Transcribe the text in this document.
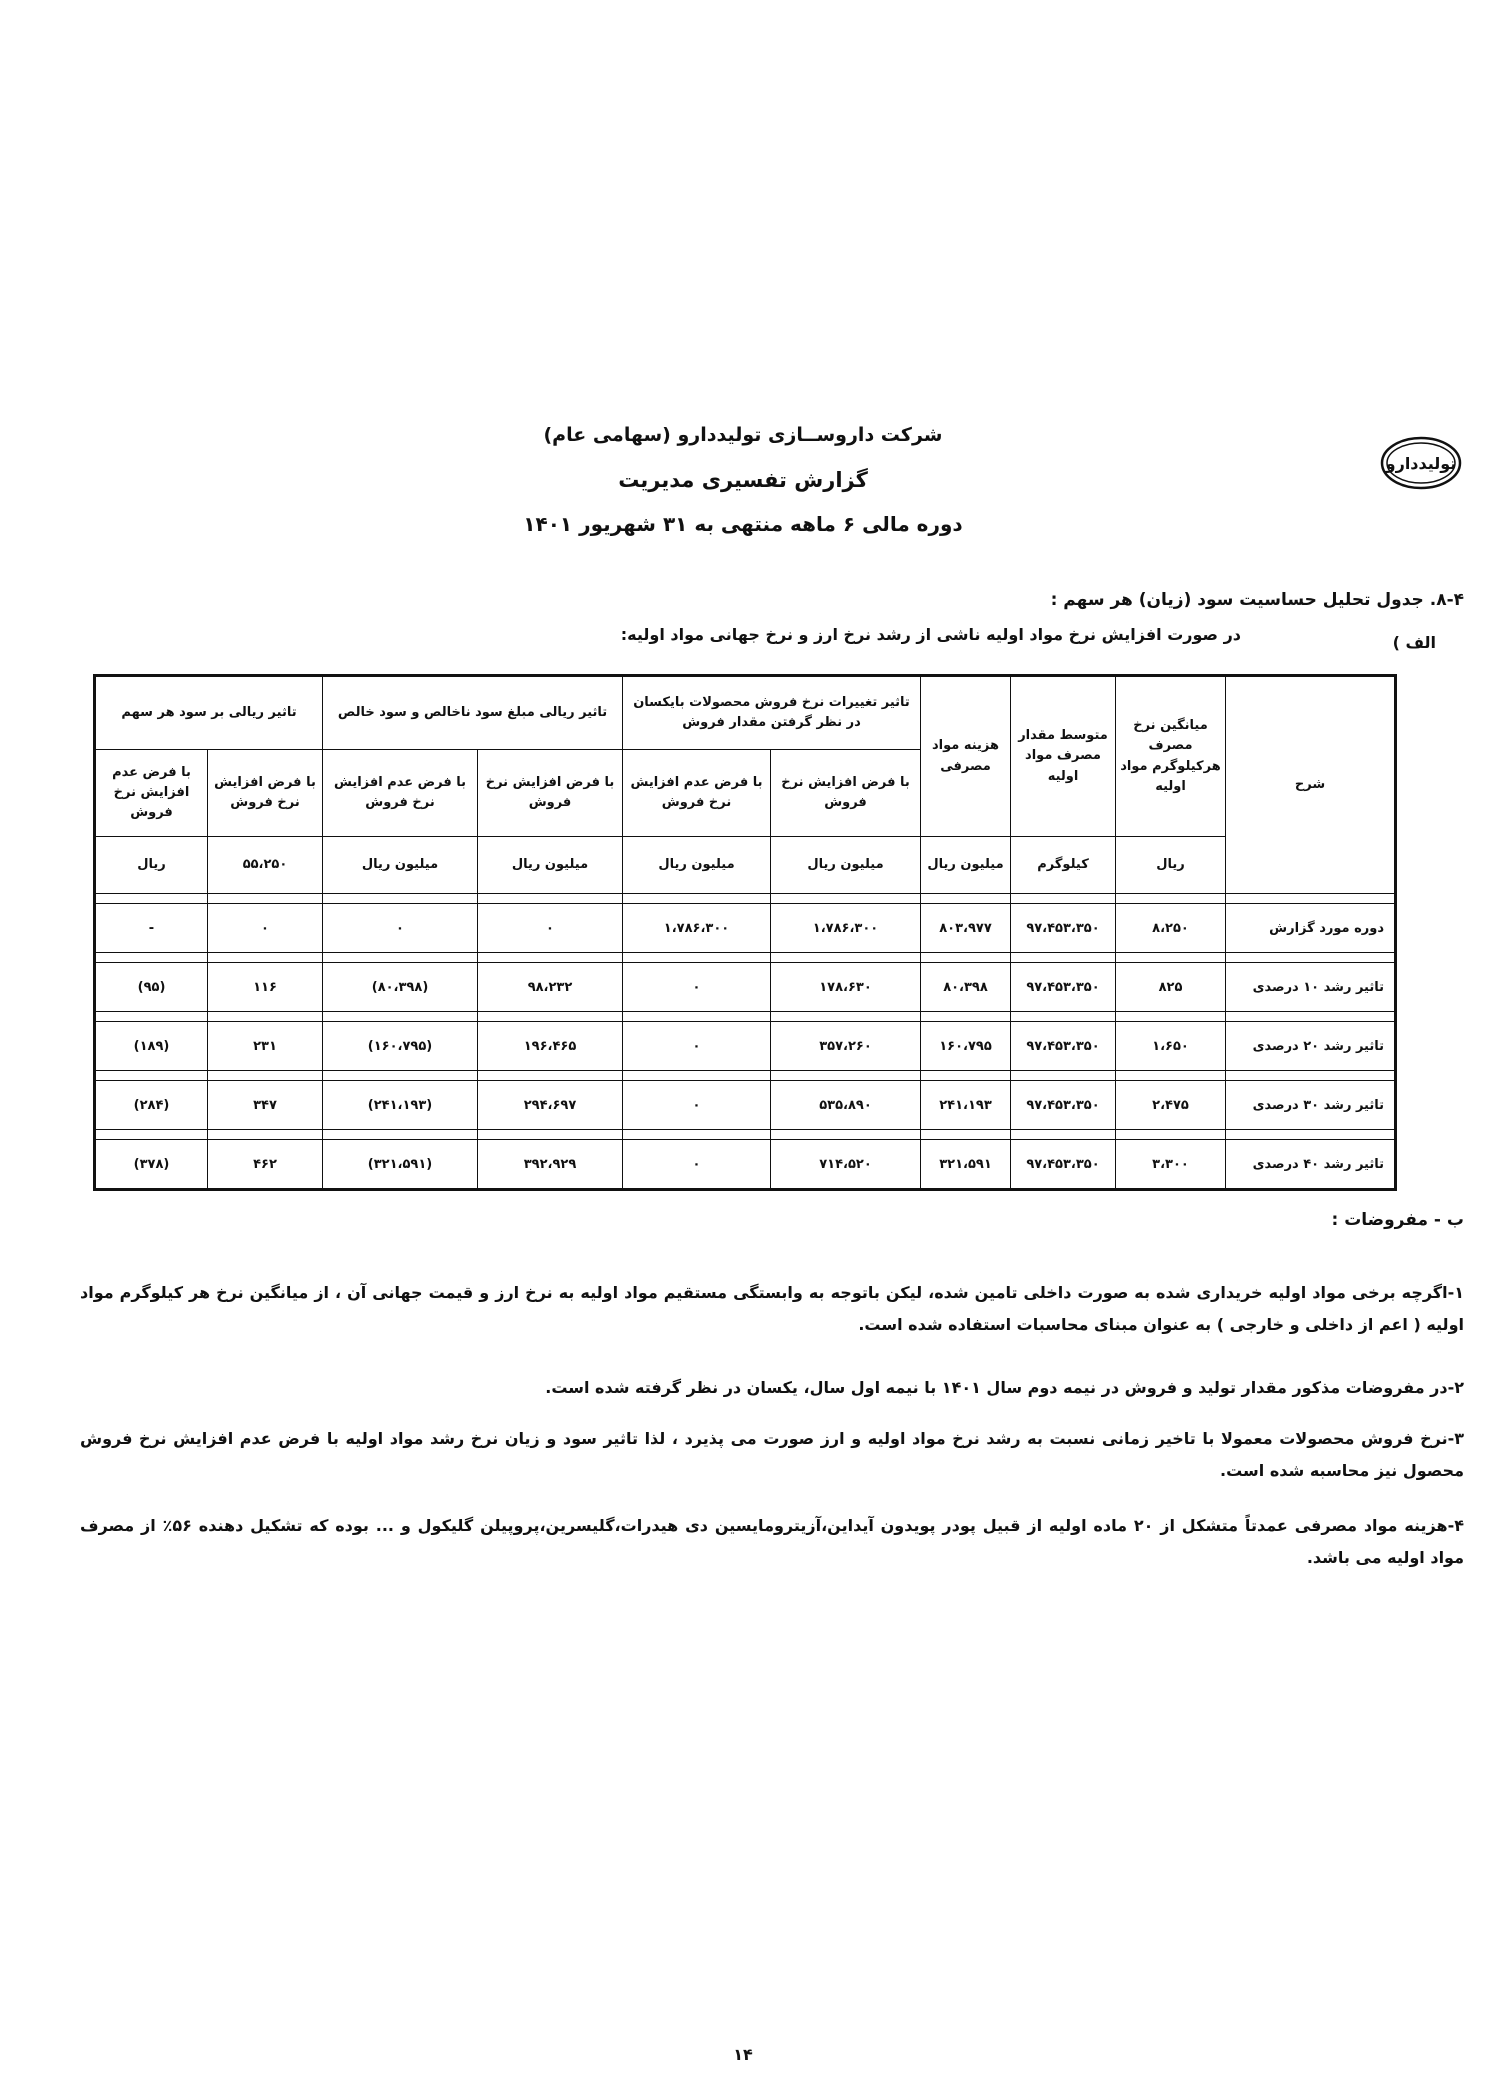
شرکت داروســازی تولیددارو (سهامی عام)
گزارش تفسیری مدیریت
دوره مالی ۶ ماهه منتهی به ۳۱ شهریور ۱۴۰۱
تولیددارو
۸-۴. جدول تحلیل حساسیت سود (زیان) هر سهم :
الف )
در صورت افزایش نرخ مواد اولیه ناشی از رشد نرخ ارز و نرخ جهانی مواد اولیه:
شرح	میانگین نرخ مصرف هرکیلوگرم مواد اولیه	متوسط مقدار مصرف مواد اولیه	هزینه مواد مصرفی	تاثیر تغییرات نرخ فروش محصولات بایکسان در نظر گرفتن مقدار فروش		تاثیر ریالی مبلغ سود ناخالص و سود خالص		تاثیر ریالی بر سود هر سهم	
				با فرض افزایش نرخ فروش	با فرض عدم افزایش نرخ فروش	با فرض افزایش نرخ فروش	با فرض عدم افزایش نرخ فروش	با فرض افزایش نرخ فروش	با فرض عدم افزایش نرخ فروش
	ریال	کیلوگرم	میلیون ریال	میلیون ریال	میلیون ریال	میلیون ریال	میلیون ریال	۵۵،۲۵۰	ریال

دوره مورد گزارش	۸،۲۵۰	۹۷،۴۵۳،۳۵۰	۸۰۳،۹۷۷	۱،۷۸۶،۳۰۰	۱،۷۸۶،۳۰۰	۰	۰	۰	-

تاثیر رشد ۱۰ درصدی	۸۲۵	۹۷،۴۵۳،۳۵۰	۸۰،۳۹۸	۱۷۸،۶۳۰	۰	۹۸،۲۳۲	(۸۰،۳۹۸)	۱۱۶	(۹۵)

تاثیر رشد ۲۰ درصدی	۱،۶۵۰	۹۷،۴۵۳،۳۵۰	۱۶۰،۷۹۵	۳۵۷،۲۶۰	۰	۱۹۶،۴۶۵	(۱۶۰،۷۹۵)	۲۳۱	(۱۸۹)

تاثیر رشد ۳۰ درصدی	۲،۴۷۵	۹۷،۴۵۳،۳۵۰	۲۴۱،۱۹۳	۵۳۵،۸۹۰	۰	۲۹۴،۶۹۷	(۲۴۱،۱۹۳)	۳۴۷	(۲۸۴)

تاثیر رشد ۴۰ درصدی	۳،۳۰۰	۹۷،۴۵۳،۳۵۰	۳۲۱،۵۹۱	۷۱۴،۵۲۰	۰	۳۹۲،۹۲۹	(۳۲۱،۵۹۱)	۴۶۲	(۳۷۸)
ب - مفروضات :
۱-اگرچه برخی مواد اولیه خریداری شده به صورت داخلی تامین شده، لیکن باتوجه به وابستگی مستقیم مواد اولیه به نرخ ارز و قیمت جهانی آن ، از میانگین نرخ هر کیلوگرم مواد اولیه ( اعم از داخلی و خارجی ) به عنوان مبنای محاسبات استفاده شده است.
۲-در مفروضات مذکور مقدار تولید و فروش در نیمه دوم سال ۱۴۰۱ با نیمه اول سال، یکسان در نظر گرفته شده است.
۳-نرخ فروش محصولات معمولا با تاخیر زمانی نسبت به رشد نرخ مواد اولیه و ارز صورت می پذیرد ، لذا تاثیر سود و زیان نرخ رشد مواد اولیه با فرض عدم افزایش نرخ فروش محصول نیز محاسبه شده است.
۴-هزینه مواد مصرفی عمدتاً متشکل از ۲۰ ماده اولیه از قبیل پودر پویدون آیداین،آزیترومایسین دی هیدرات،گلیسرین،پروپیلن گلیکول و ... بوده که تشکیل دهنده ۵۶٪ از مصرف مواد اولیه می باشد.
۱۴
